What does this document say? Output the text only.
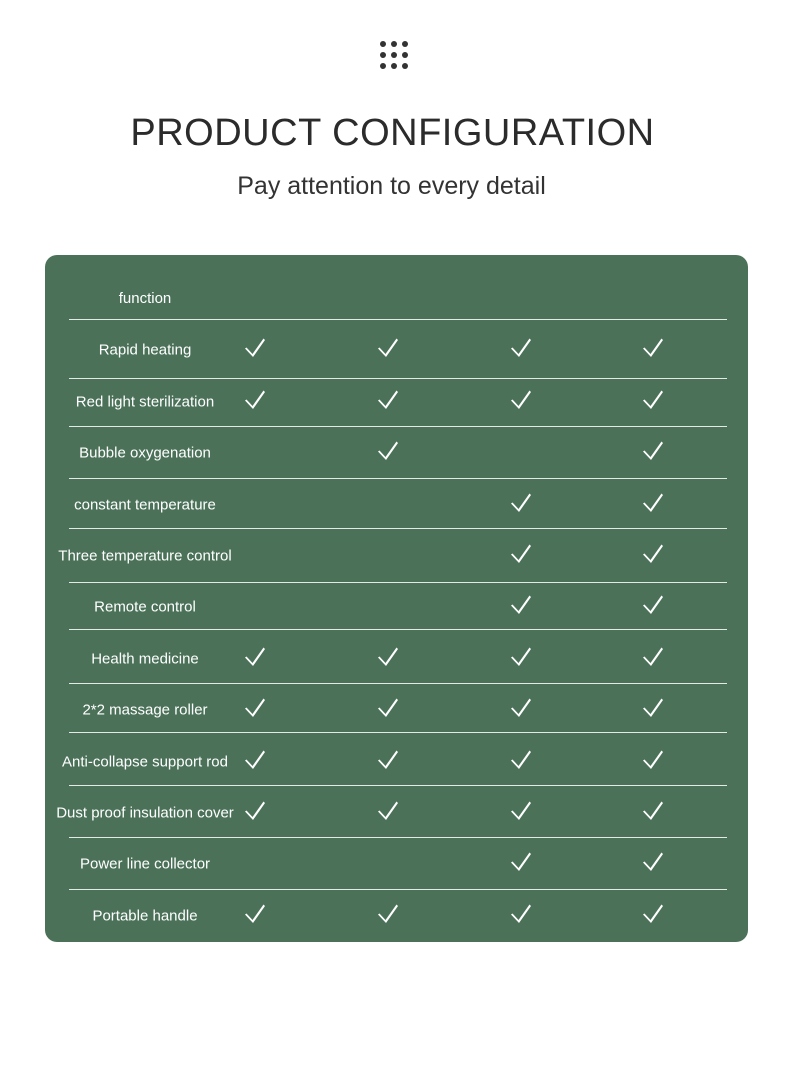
PRODUCT CONFIGURATION
Pay attention to every detail
function
Rapid heating
Red light sterilization
Bubble oxygenation
constant temperature
Three temperature control
Remote control
Health medicine
2*2 massage roller
Anti-collapse support rod
Dust proof insulation cover
Power line collector
Portable handle
